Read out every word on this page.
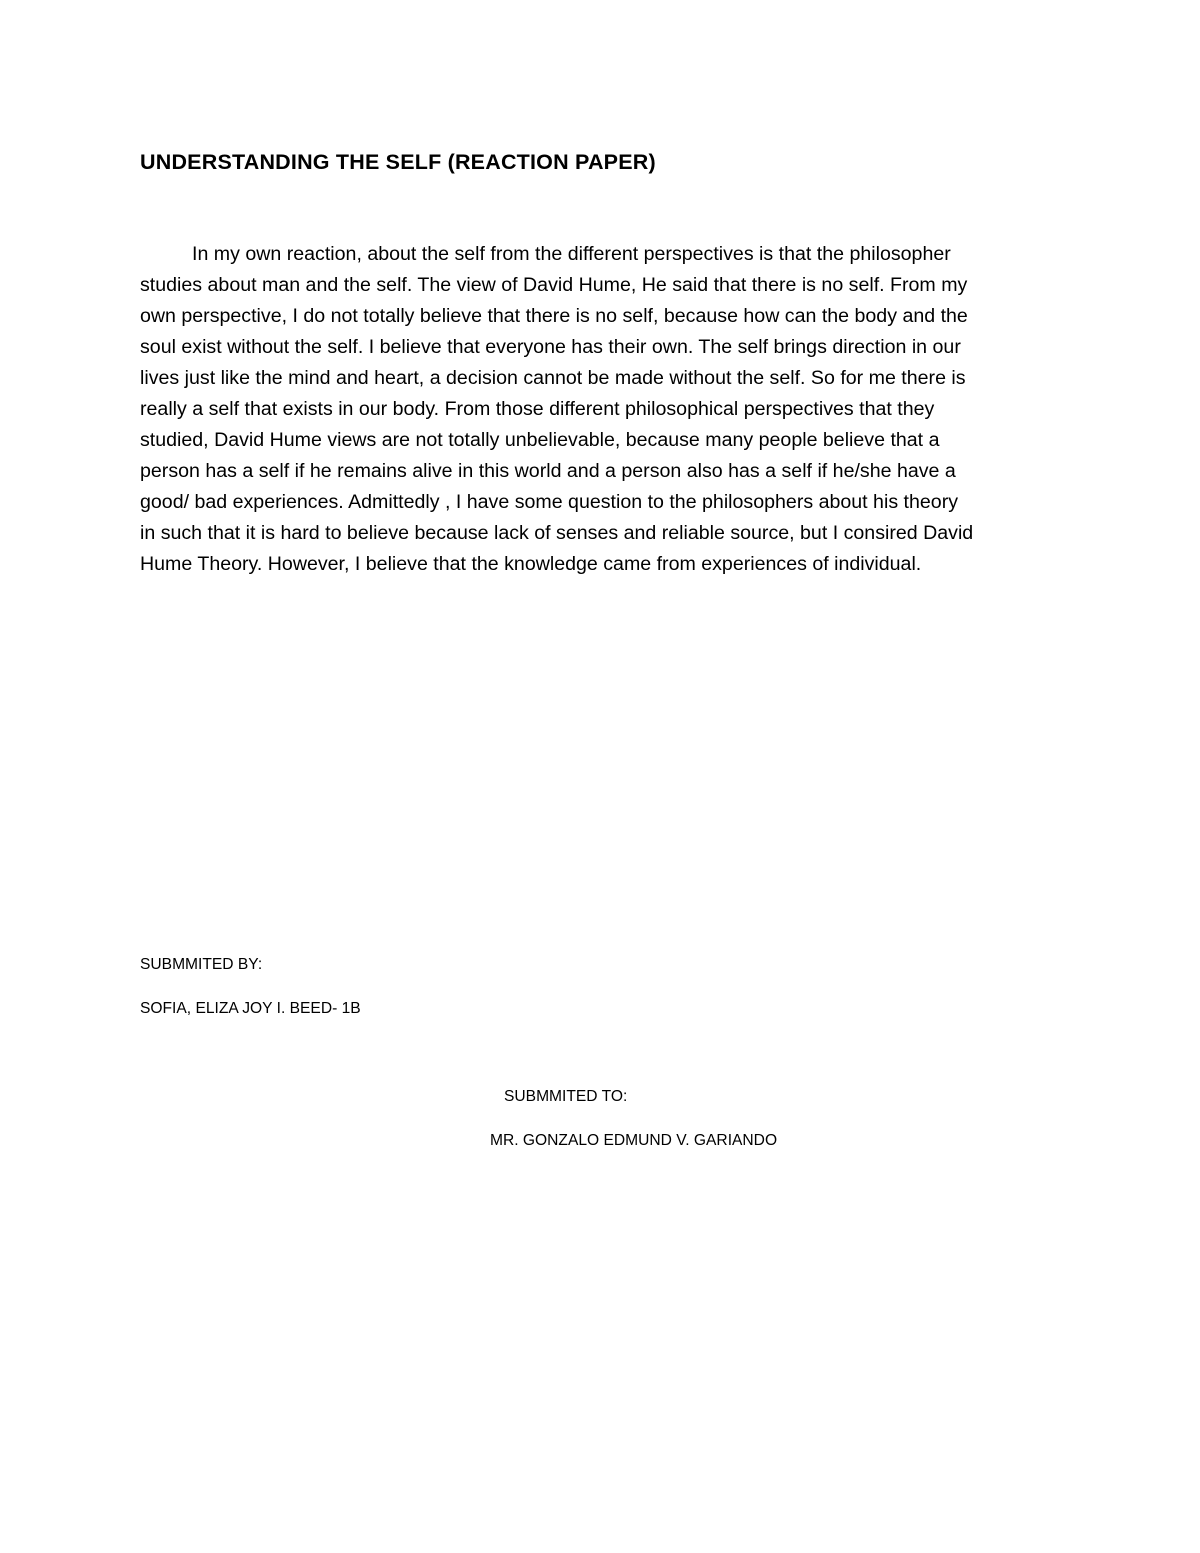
UNDERSTANDING THE SELF (REACTION PAPER)
In my own reaction, about the self from the different perspectives is that the philosopher
studies about man and the self. The view of David Hume, He said that there is no self. From my
own perspective, I do not totally believe that there is no self, because how can the body and the
soul exist without the self. I believe that everyone has their own. The self brings direction in our
lives just like the mind and heart, a decision cannot be made without the self. So for me there is
really a self that exists in our body. From those different philosophical perspectives that they
studied, David Hume views are not totally unbelievable, because many people believe that a
person has a self if he remains alive in this world and a person also has a self if he/she have a
good/ bad experiences. Admittedly , I have some question to the philosophers about his theory
in such that it is hard to believe because lack of senses and reliable source, but I consired David
Hume Theory. However, I believe that the knowledge came from experiences of individual.
SUBMMITED BY:
SOFIA, ELIZA JOY I. BEED- 1B
SUBMMITED TO:
MR. GONZALO EDMUND V. GARIANDO
